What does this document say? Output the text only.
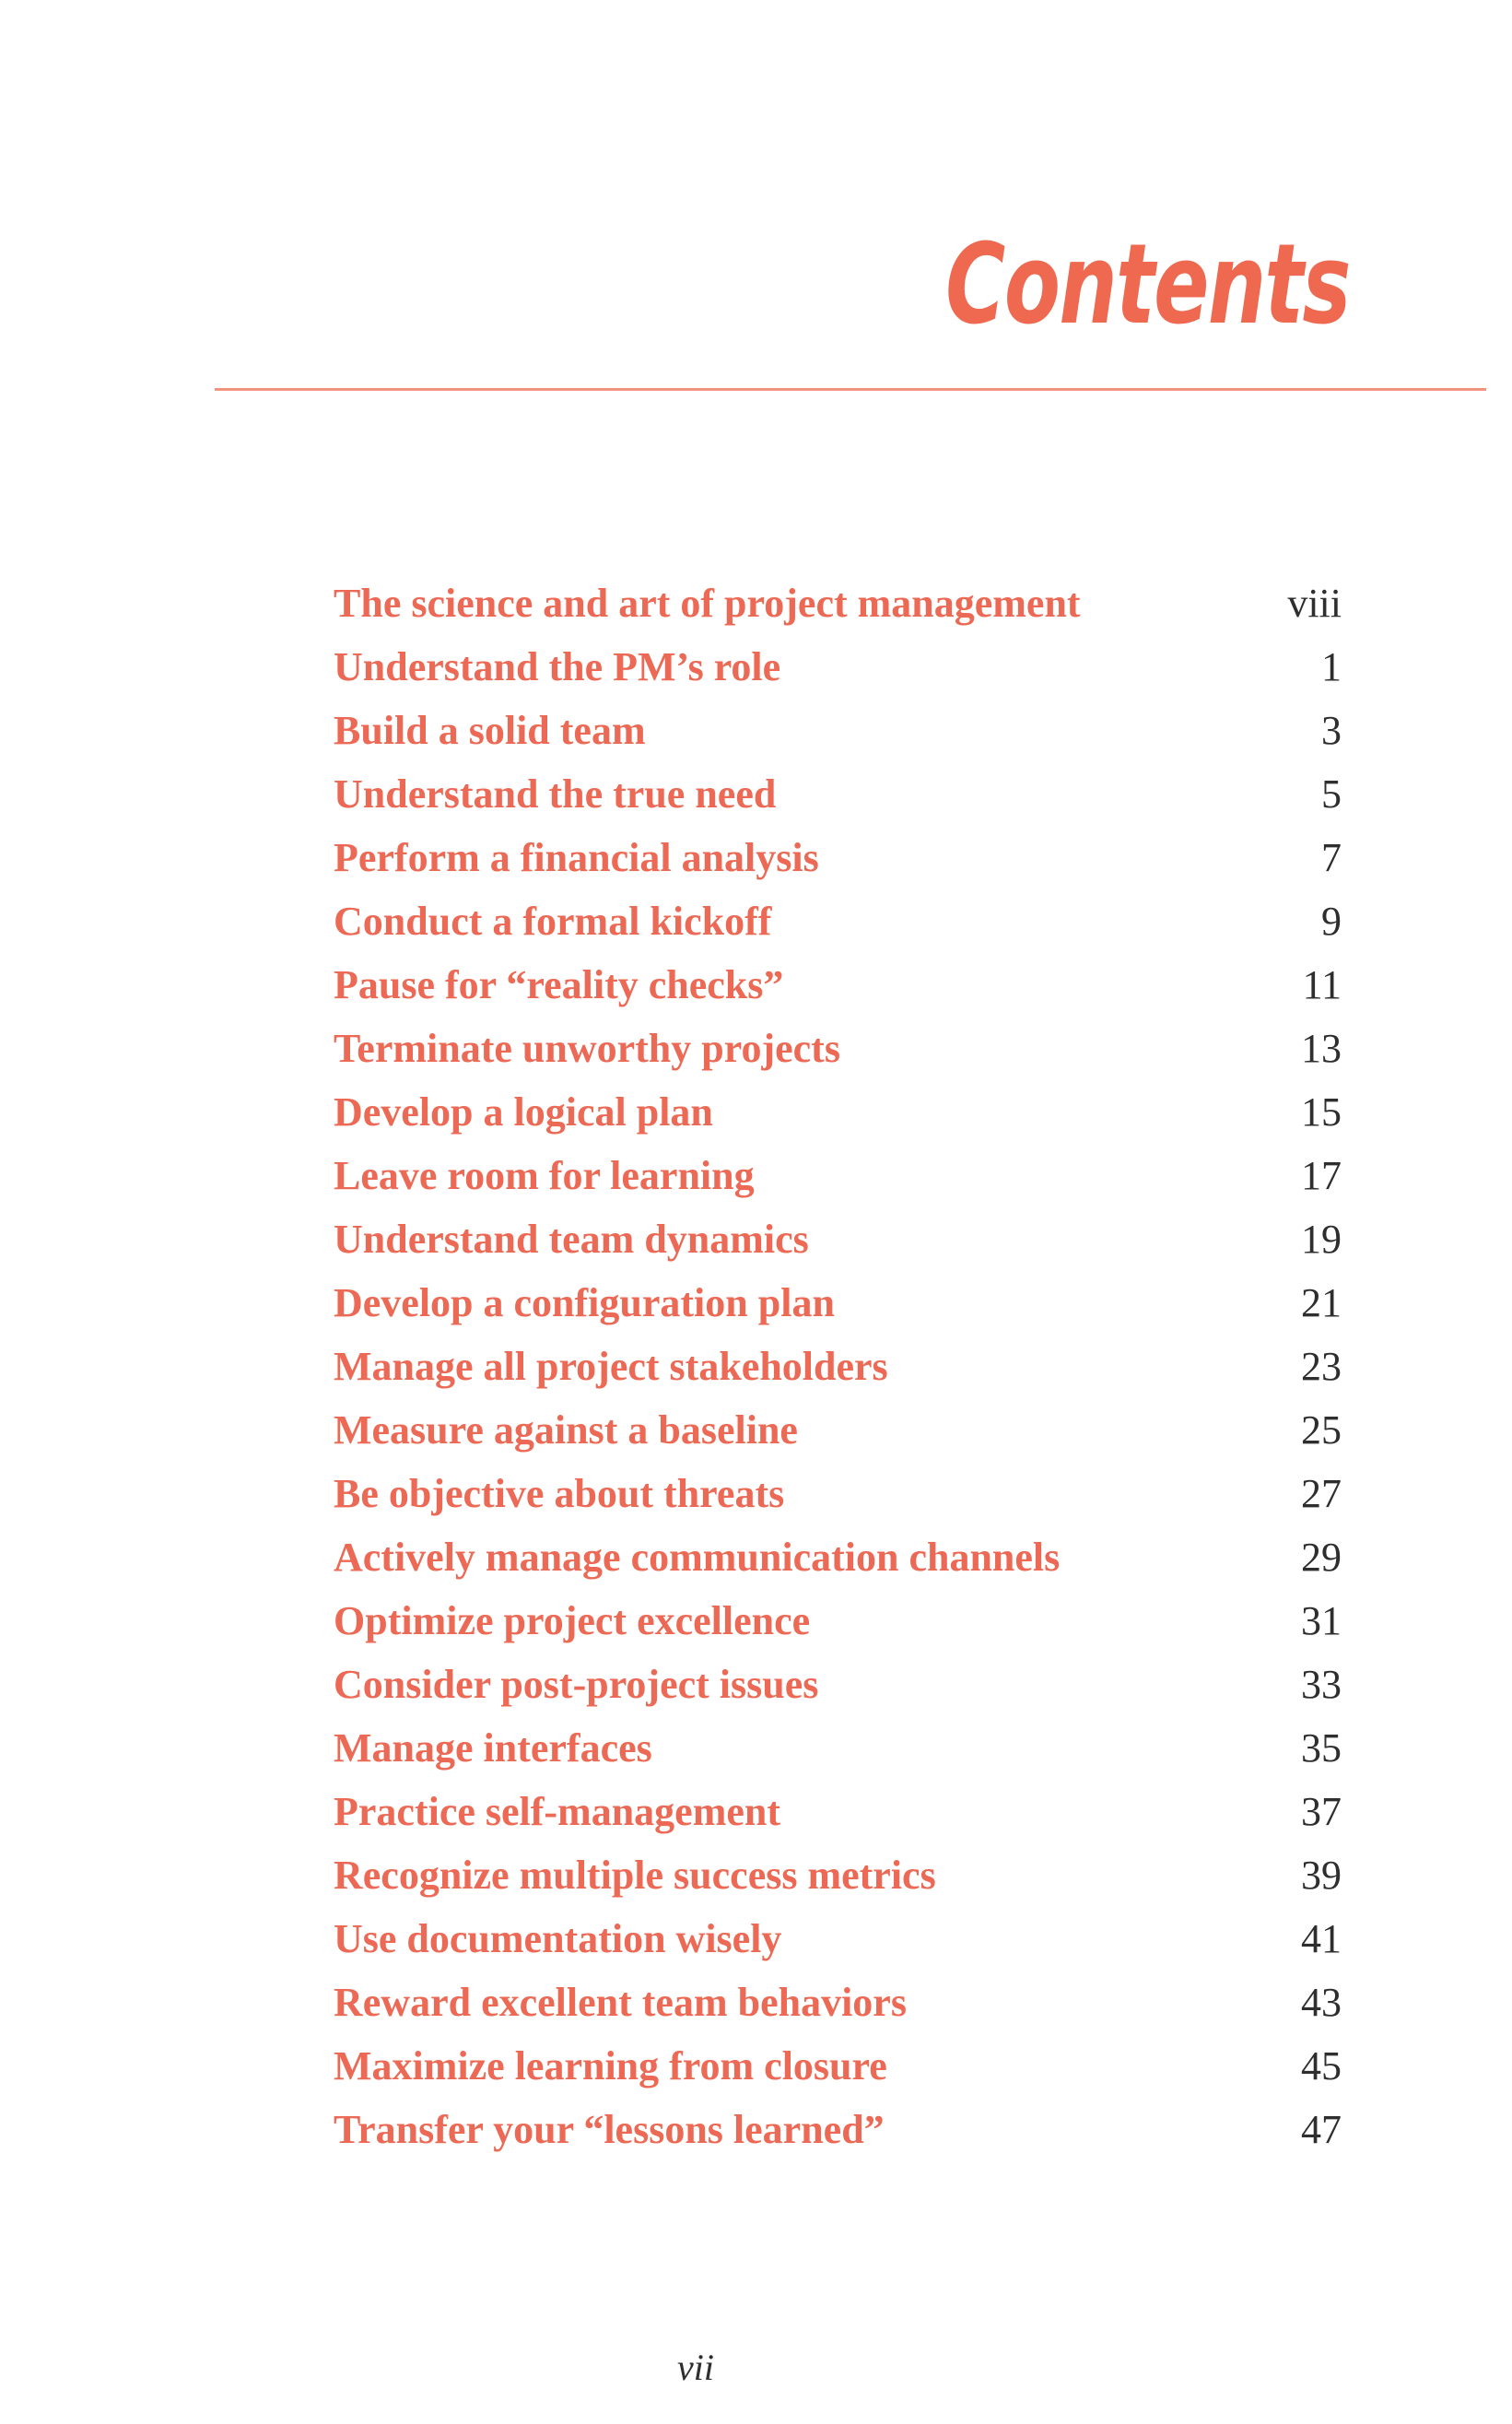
Contents
The science and art of project management	viii
Understand the PM’s role	1
Build a solid team	3
Understand the true need	5
Perform a financial analysis	7
Conduct a formal kickoff	9
Pause for “reality checks”	11
Terminate unworthy projects	13
Develop a logical plan	15
Leave room for learning	17
Understand team dynamics	19
Develop a configuration plan	21
Manage all project stakeholders	23
Measure against a baseline	25
Be objective about threats	27
Actively manage communication channels	29
Optimize project excellence	31
Consider post-project issues	33
Manage interfaces	35
Practice self-management	37
Recognize multiple success metrics	39
Use documentation wisely	41
Reward excellent team behaviors	43
Maximize learning from closure	45
Transfer your “lessons learned”	47
vii
